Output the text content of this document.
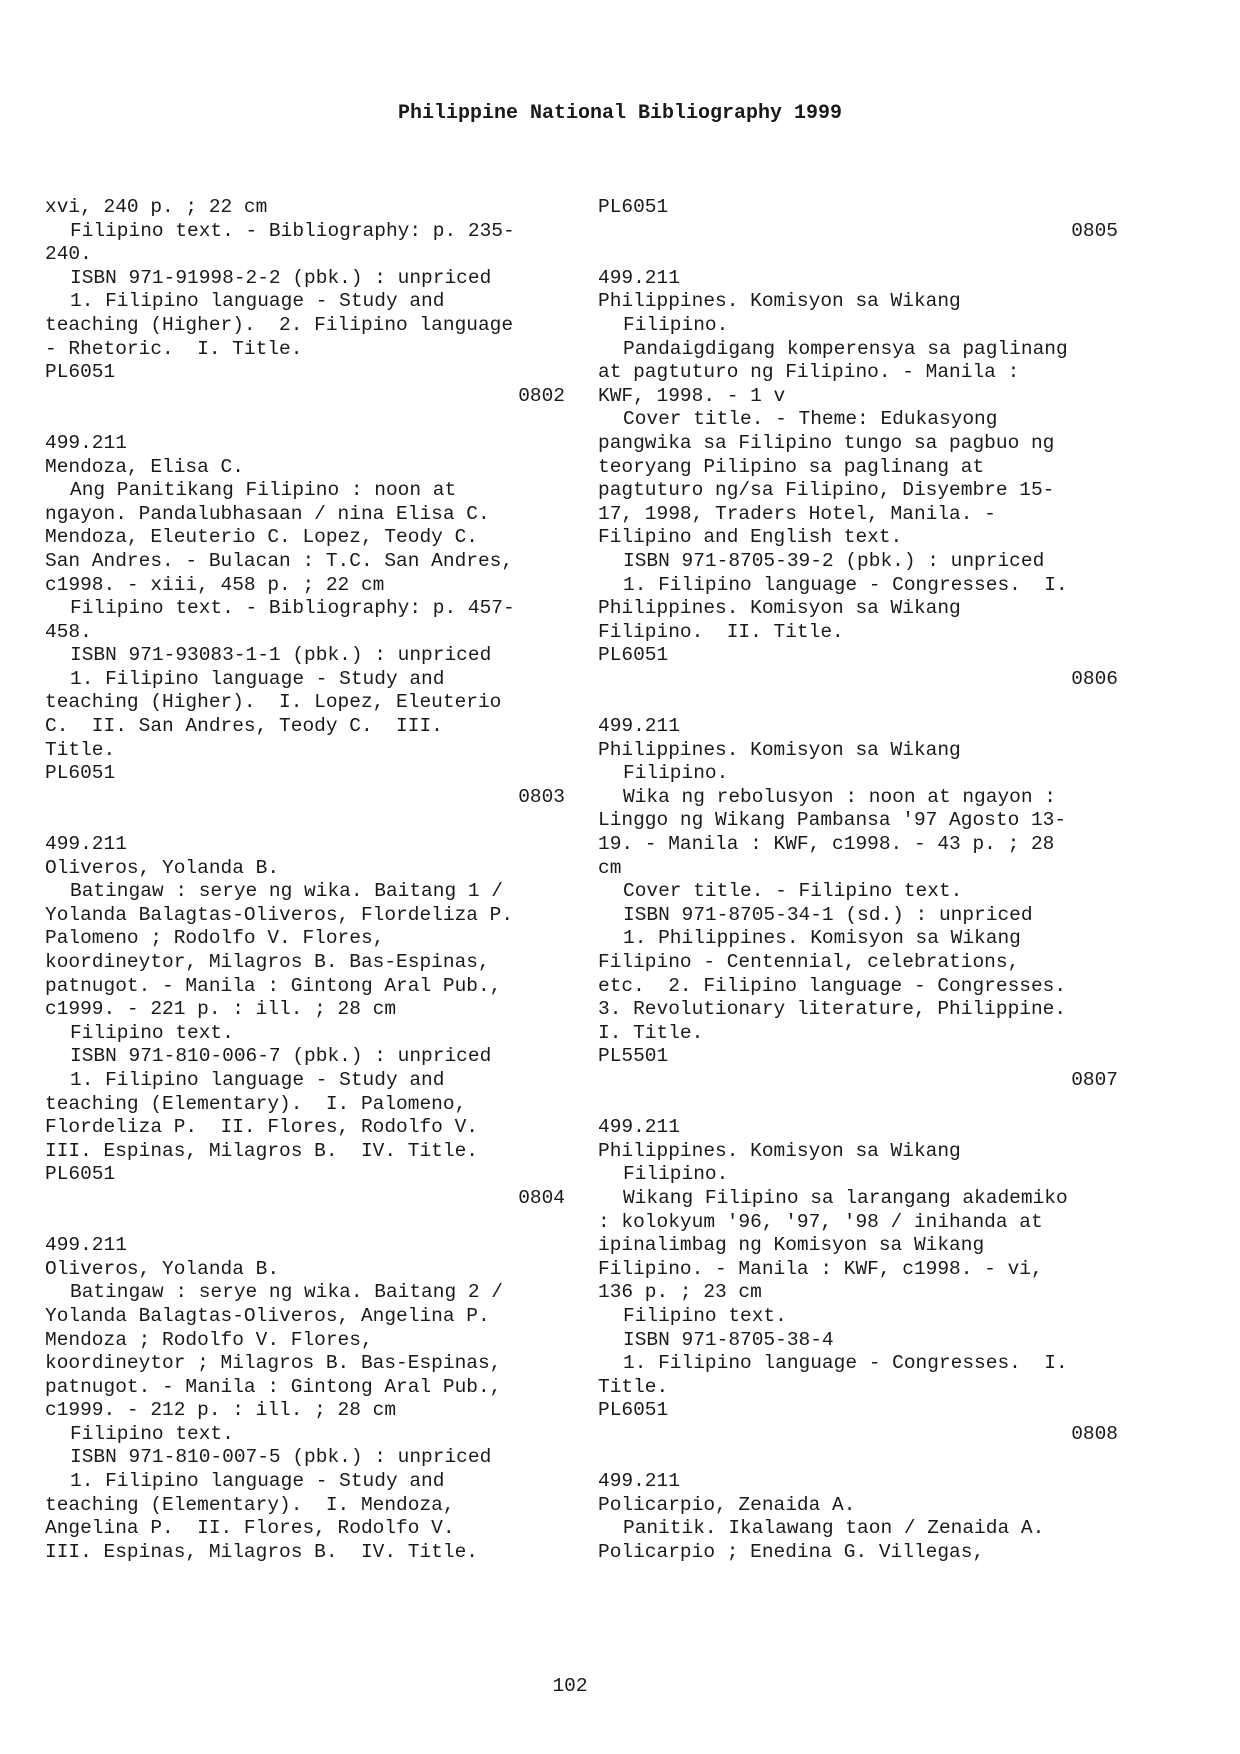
Philippine National Bibliography 1999
xvi, 240 p. ; 22 cm
Filipino text. - Bibliography: p. 235-
240.
ISBN 971-91998-2-2 (pbk.) : unpriced
1. Filipino language - Study and
teaching (Higher).  2. Filipino language
- Rhetoric.  I. Title.
PL6051
0802
499.211
Mendoza, Elisa C.
Ang Panitikang Filipino : noon at
ngayon. Pandalubhasaan / nina Elisa C.
Mendoza, Eleuterio C. Lopez, Teody C.
San Andres. - Bulacan : T.C. San Andres,
c1998. - xiii, 458 p. ; 22 cm
Filipino text. - Bibliography: p. 457-
458.
ISBN 971-93083-1-1 (pbk.) : unpriced
1. Filipino language - Study and
teaching (Higher).  I. Lopez, Eleuterio
C.  II. San Andres, Teody C.  III.
Title.
PL6051
0803
499.211
Oliveros, Yolanda B.
Batingaw : serye ng wika. Baitang 1 /
Yolanda Balagtas-Oliveros, Flordeliza P.
Palomeno ; Rodolfo V. Flores,
koordineytor, Milagros B. Bas-Espinas,
patnugot. - Manila : Gintong Aral Pub.,
c1999. - 221 p. : ill. ; 28 cm
Filipino text.
ISBN 971-810-006-7 (pbk.) : unpriced
1. Filipino language - Study and
teaching (Elementary).  I. Palomeno,
Flordeliza P.  II. Flores, Rodolfo V.
III. Espinas, Milagros B.  IV. Title.
PL6051
0804
499.211
Oliveros, Yolanda B.
Batingaw : serye ng wika. Baitang 2 /
Yolanda Balagtas-Oliveros, Angelina P.
Mendoza ; Rodolfo V. Flores,
koordineytor ; Milagros B. Bas-Espinas,
patnugot. - Manila : Gintong Aral Pub.,
c1999. - 212 p. : ill. ; 28 cm
Filipino text.
ISBN 971-810-007-5 (pbk.) : unpriced
1. Filipino language - Study and
teaching (Elementary).  I. Mendoza,
Angelina P.  II. Flores, Rodolfo V.
III. Espinas, Milagros B.  IV. Title.
PL6051
0805
499.211
Philippines. Komisyon sa Wikang
Filipino.
Pandaigdigang komperensya sa paglinang
at pagtuturo ng Filipino. - Manila :
KWF, 1998. - 1 v
Cover title. - Theme: Edukasyong
pangwika sa Filipino tungo sa pagbuo ng
teoryang Pilipino sa paglinang at
pagtuturo ng/sa Filipino, Disyembre 15-
17, 1998, Traders Hotel, Manila. -
Filipino and English text.
ISBN 971-8705-39-2 (pbk.) : unpriced
1. Filipino language - Congresses.  I.
Philippines. Komisyon sa Wikang
Filipino.  II. Title.
PL6051
0806
499.211
Philippines. Komisyon sa Wikang
Filipino.
Wika ng rebolusyon : noon at ngayon :
Linggo ng Wikang Pambansa '97 Agosto 13-
19. - Manila : KWF, c1998. - 43 p. ; 28
cm
Cover title. - Filipino text.
ISBN 971-8705-34-1 (sd.) : unpriced
1. Philippines. Komisyon sa Wikang
Filipino - Centennial, celebrations,
etc.  2. Filipino language - Congresses.
3. Revolutionary literature, Philippine.
I. Title.
PL5501
0807
499.211
Philippines. Komisyon sa Wikang
Filipino.
Wikang Filipino sa larangang akademiko
: kolokyum '96, '97, '98 / inihanda at
ipinalimbag ng Komisyon sa Wikang
Filipino. - Manila : KWF, c1998. - vi,
136 p. ; 23 cm
Filipino text.
ISBN 971-8705-38-4
1. Filipino language - Congresses.  I.
Title.
PL6051
0808
499.211
Policarpio, Zenaida A.
Panitik. Ikalawang taon / Zenaida A.
Policarpio ; Enedina G. Villegas,
102
